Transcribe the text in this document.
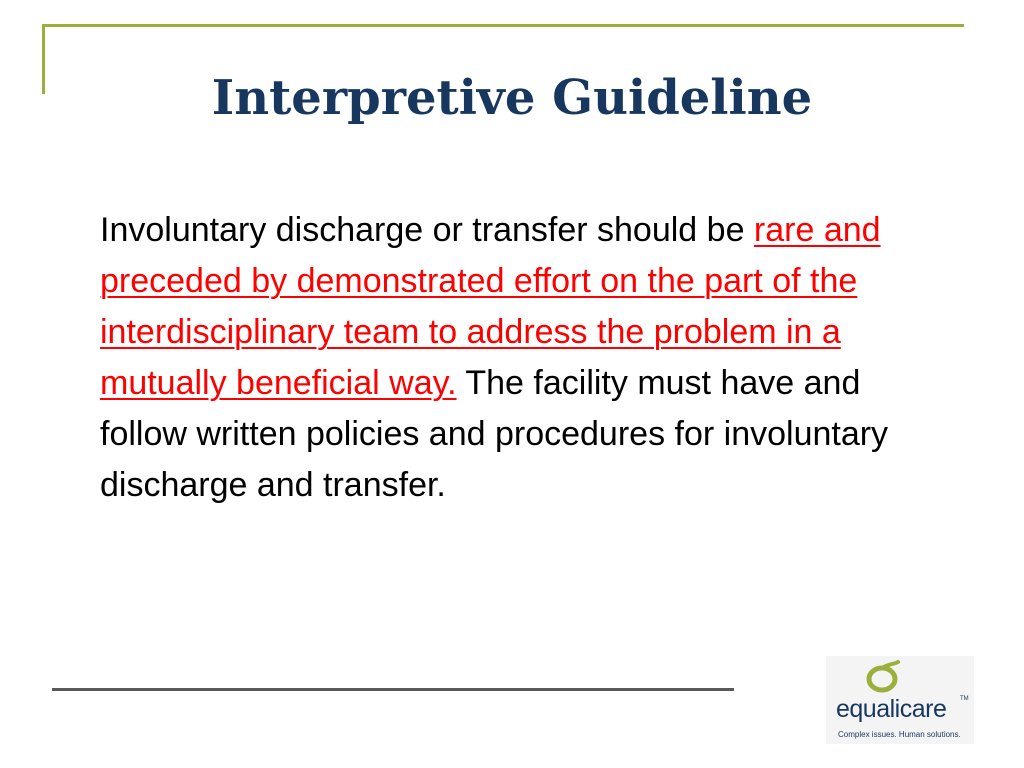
Interpretive Guideline

Involuntary discharge or transfer should be rare and preceded by demonstrated effort on the part of the interdisciplinary team to address the problem in a mutually beneficial way. The facility must have and follow written policies and procedures for involuntary discharge and transfer.

equalicare TM
Complex issues. Human solutions.
